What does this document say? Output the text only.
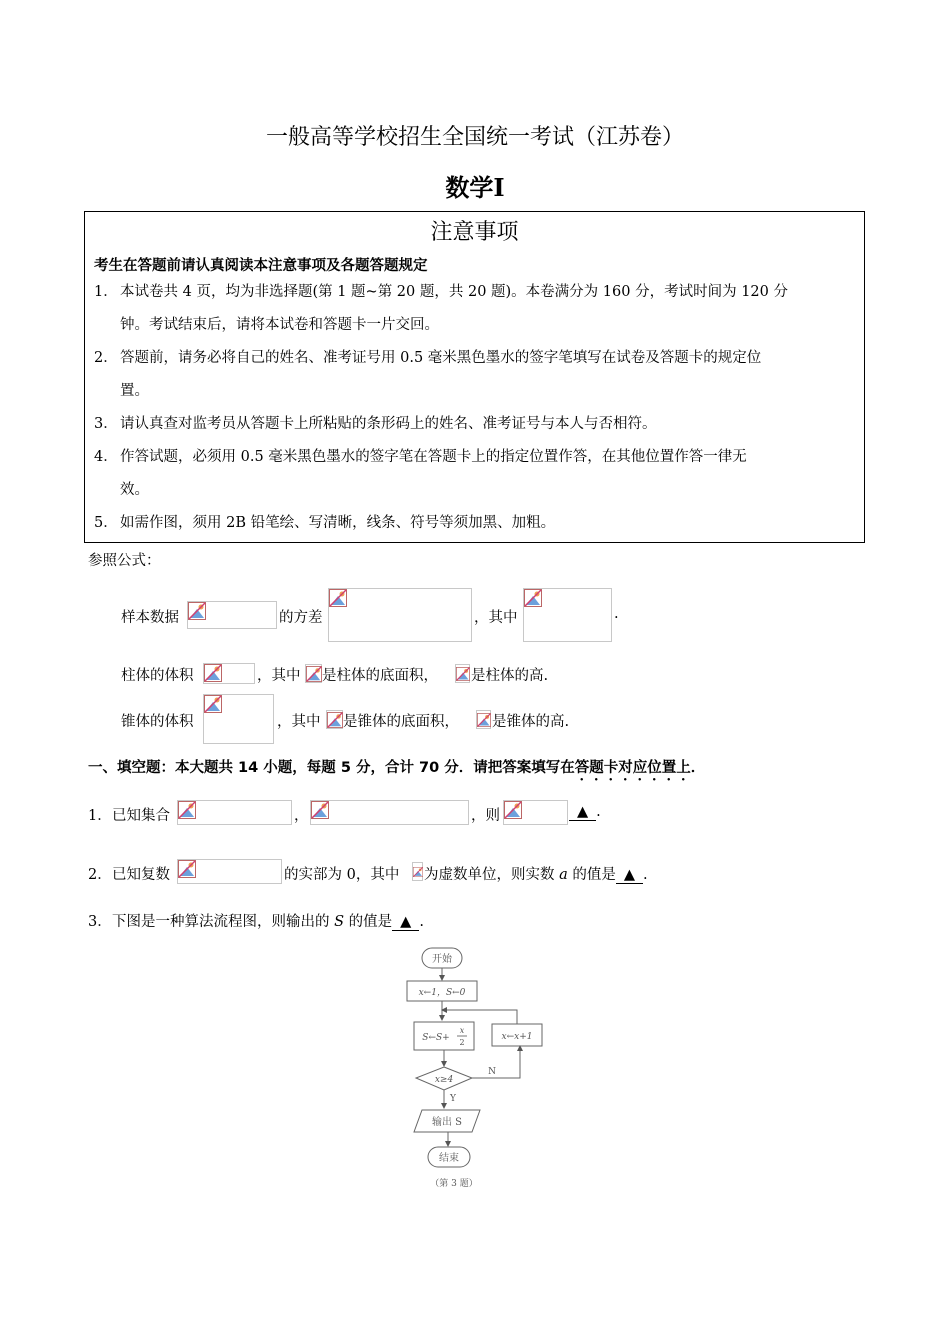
一般高等学校招生全国统一考试（江苏卷）
数学Ⅰ
注意事项
考生在答题前请认真阅读本注意事项及各题答题规定
1． 本试卷共 4 页，均为非选择题(第 1 题~第 20 题，共 20 题)。本卷满分为 160 分，考试时间为 120 分
钟。考试结束后，请将本试卷和答题卡一片交回。
2． 答题前，请务必将自己的姓名、准考证号用 0.5 毫米黑色墨水的签字笔填写在试卷及答题卡的规定位
置。
3． 请认真查对监考员从答题卡上所粘贴的条形码上的姓名、准考证号与本人与否相符。
4． 作答试题，必须用 0.5 毫米黑色墨水的签字笔在答题卡上的指定位置作答，在其他位置作答一律无
效。
5． 如需作图，须用 2B 铅笔绘、写清晰，线条、符号等须加黑、加粗。
参照公式：
样本数据	的方差	，其中	.
柱体的体积	，其中 是柱体的底面积， 是柱体的高.
锥体的体积	，其中 是锥体的底面积， 是锥体的高.
一、填空题：本大题共 14 小题，每题 5 分，合计 70 分．请把答案填写在答题卡对应位置上．
1． 已知集合	，	，则	▲ .
2． 已知复数	的实部为 0，其中 为虚数单位，则实数 a 的值是 ▲ .
3． 下图是一种算法流程图，则输出的 S 的值是 ▲ .
开始
x←1，S←0
S←S+
x
2
x←x+1
x≥4
N
Y
输出 S
结束
（第 3 题）
